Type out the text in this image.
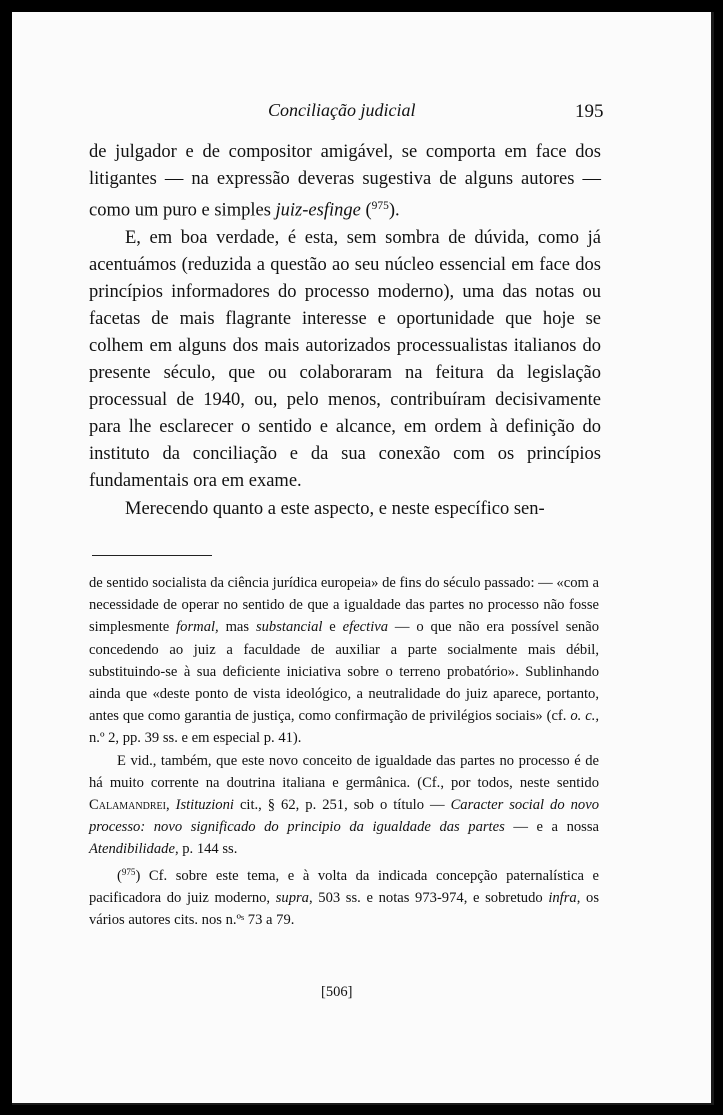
Conciliação judicial	195

de julgador e de compositor amigável, se comporta em face dos litigantes — na expressão deveras sugestiva de alguns autores — como um puro e simples juiz-esfinge ($^{975}$).

E, em boa verdade, é esta, sem sombra de dúvida, como já acentuámos (reduzida a questão ao seu núcleo essencial em face dos princípios informadores do processo moderno), uma das notas ou facetas de mais flagrante interesse e oportunidade que hoje se colhem em alguns dos mais autorizados processualistas italianos do presente século, que ou colaboraram na feitura da legislação processual de 1940, ou, pelo menos, contribuíram decisivamente para lhe esclarecer o sentido e alcance, em ordem à definição do instituto da conciliação e da sua conexão com os princípios fundamentais ora em exame.

Merecendo quanto a este aspecto, e neste específico sen-

de sentido socialista da ciência jurídica europeia» de fins do século passado: — «com a necessidade de operar no sentido de que a igualdade das partes no processo não fosse simplesmente formal, mas substancial e efectiva — o que não era possível senão concedendo ao juiz a faculdade de auxiliar a parte socialmente mais débil, substituindo-se à sua deficiente iniciativa sobre o terreno probatório». Sublinhando ainda que «deste ponto de vista ideológico, a neutralidade do juiz aparece, portanto, antes que como garantia de justiça, como confirmação de privilégios sociais» (cf. o. c., n.º 2, pp. 39 ss. e em especial p. 41).

E vid., também, que este novo conceito de igualdade das partes no processo é de há muito corrente na doutrina italiana e germânica. (Cf., por todos, neste sentido Calamandrei, Istituzioni cit., § 62, p. 251, sob o título — Caracter social do novo processo: novo significado do principio da igualdade das partes — e a nossa Atendibilidade, p. 144 ss.

($^{975}$) Cf. sobre este tema, e à volta da indicada concepção paternalística e pacificadora do juiz moderno, supra, 503 ss. e notas 973-974, e sobretudo infra, os vários autores cits. nos n.ºˢ 73 a 79.

[506]
